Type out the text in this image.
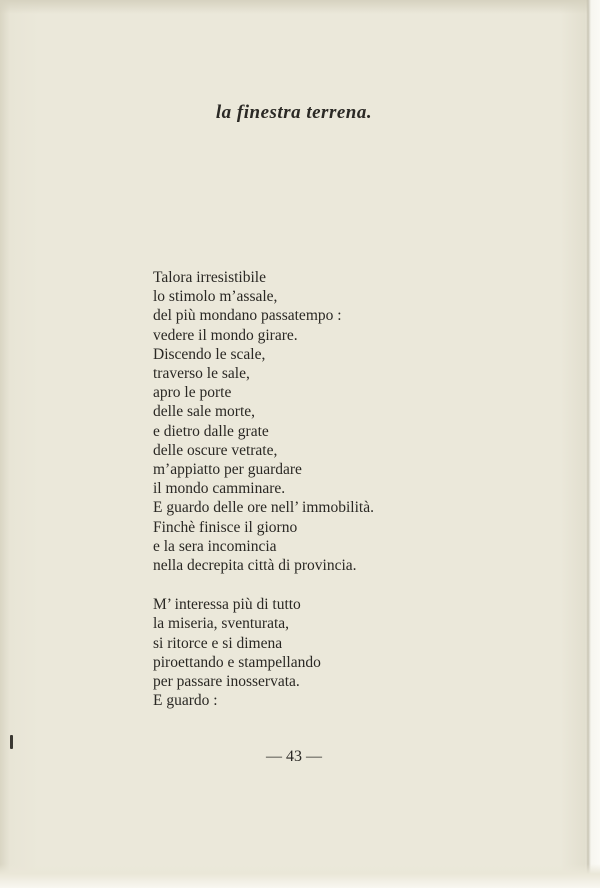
la finestra terrena.
Talora irresistibile
lo stimolo m’assale,
del più mondano passatempo :
vedere il mondo girare.
Discendo le scale,
traverso le sale,
apro le porte
delle sale morte,
e dietro dalle grate
delle oscure vetrate,
m’appiatto per guardare
il mondo camminare.
E guardo delle ore nell’ immobilità.
Finchè finisce il giorno
e la sera incomincia
nella decrepita città di provincia.
M’ interessa più di tutto
la miseria, sventurata,
si ritorce e si dimena
piroettando e stampellando
per passare inosservata.
E guardo :
— 43 —
